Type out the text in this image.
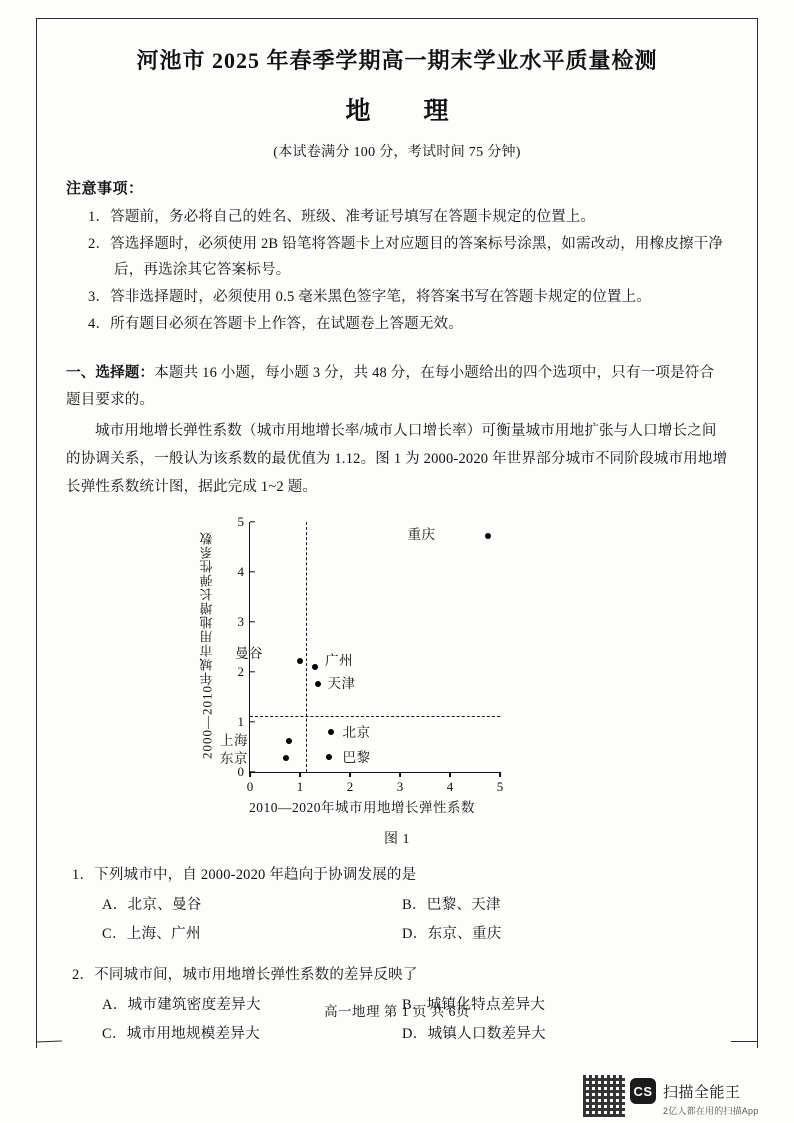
河池市 2025 年春季学期高一期末学业水平质量检测
地　理
(本试卷满分 100 分，考试时间 75 分钟)
注意事项：
1．答题前，务必将自己的姓名、班级、准考证号填写在答题卡规定的位置上。
2．答选择题时，必须使用 2B 铅笔将答题卡上对应题目的答案标号涂黑，如需改动，用橡皮擦干净后，再选涂其它答案标号。
3．答非选择题时，必须使用 0.5 毫米黑色签字笔，将答案书写在答题卡规定的位置上。
4．所有题目必须在答题卡上作答，在试题卷上答题无效。
一、选择题：本题共 16 小题，每小题 3 分，共 48 分，在每小题给出的四个选项中，只有一项是符合题目要求的。
城市用地增长弹性系数（城市用地增长率/城市人口增长率）可衡量城市用地扩张与人口增长之间的协调关系，一般认为该系数的最优值为 1.12。图 1 为 2000-2020 年世界部分城市不同阶段城市用地增长弹性系数统计图，据此完成 1~2 题。
2000—2010年城市用地增长弹性系数
0
1
2
3
4
5
0	1	2	3	4	5
重庆
曼谷	广州
天津
北京
上海
东京	巴黎
2010—2020年城市用地增长弹性系数
图 1
1．下列城市中，自 2000-2020 年趋向于协调发展的是
A．北京、曼谷	B．巴黎、天津
C．上海、广州	D．东京、重庆
2．不同城市间，城市用地增长弹性系数的差异反映了
A．城市建筑密度差异大	B．城镇化特点差异大
C．城市用地规模差异大	D．城镇人口数差异大
高一地理 第 1 页 共 6页
CS 扫描全能王
2亿人都在用的扫描App
